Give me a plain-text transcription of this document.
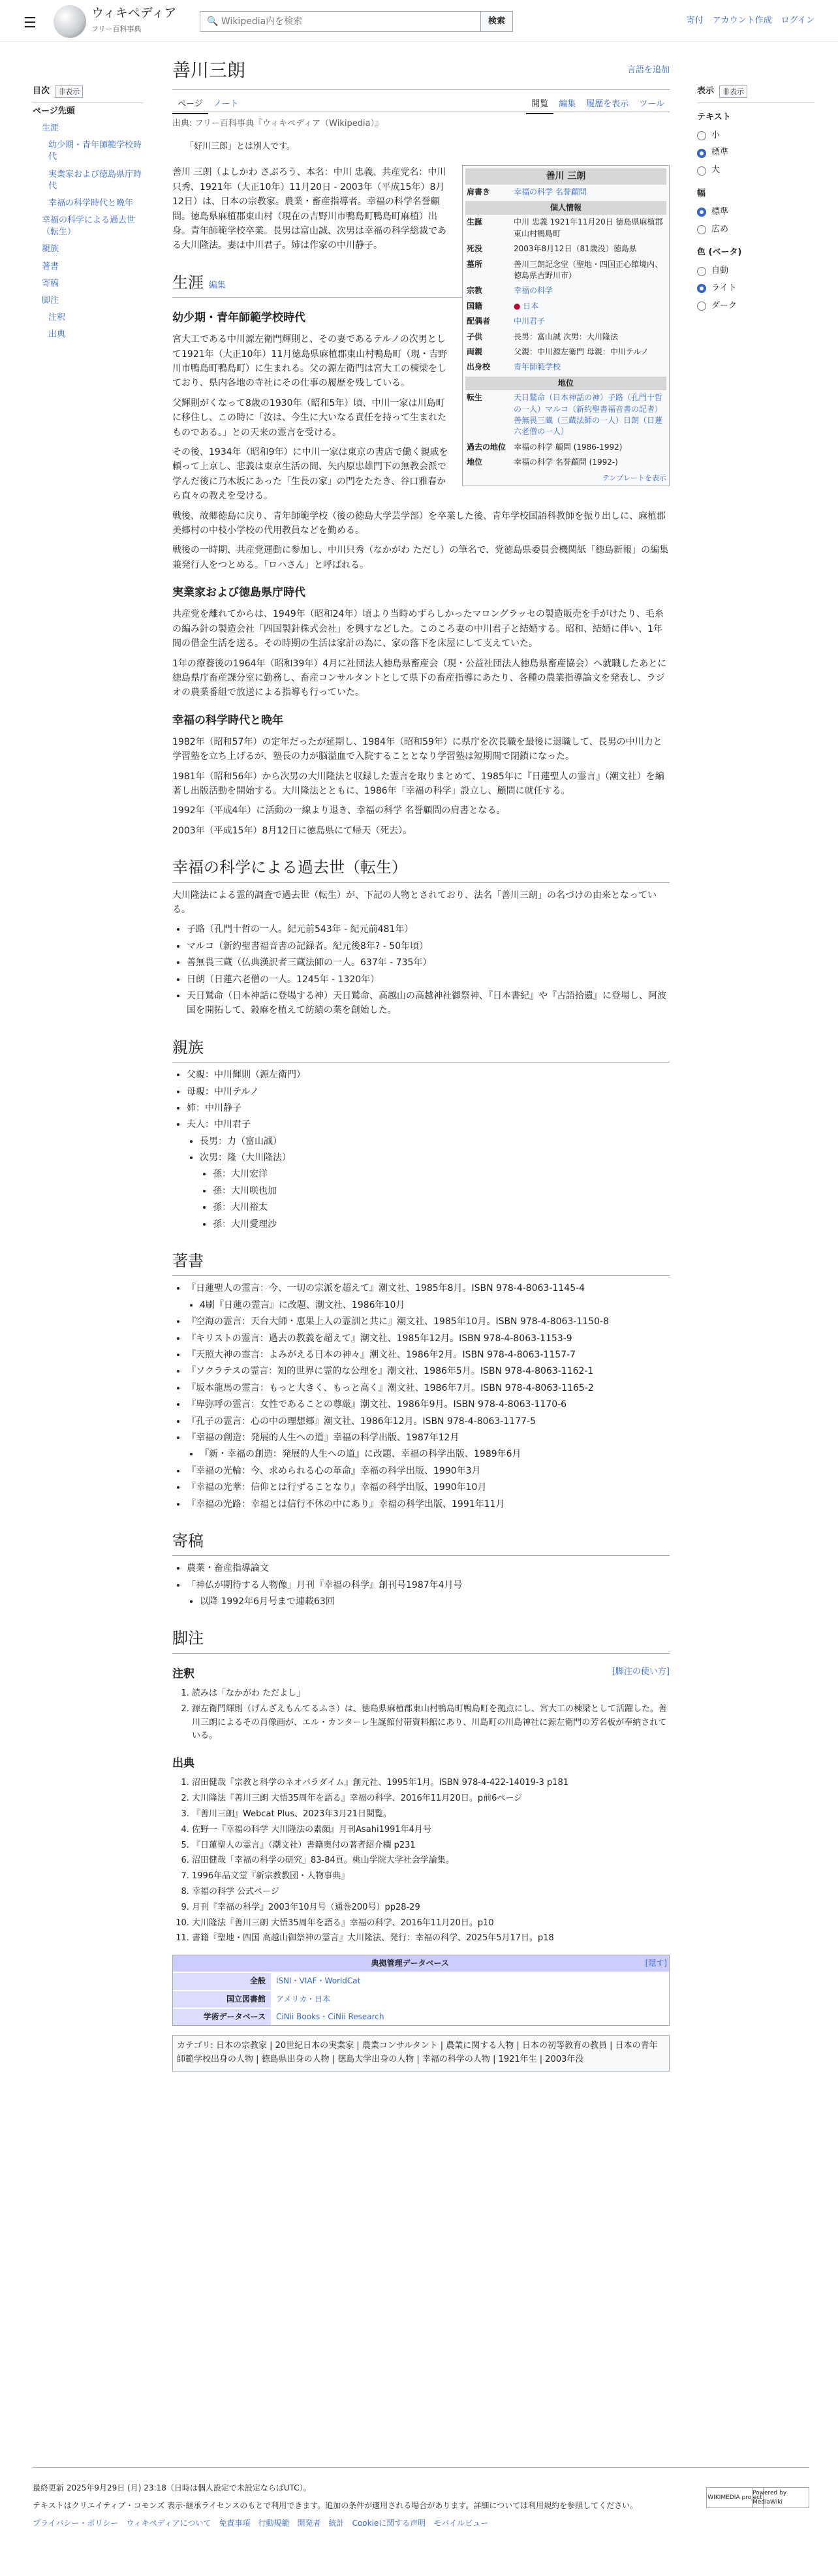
☰
ウィキペディア
フリー百科事典
🔍 Wikipedia内を検索	検索	寄付 アカウント作成 ログイン
目次	非表示
ページ先頭
生涯
幼少期・青年師範学校時代
実業家および徳島県庁時代
幸福の科学時代と晩年
幸福の科学による過去世（転生）
親族
著書
寄稿
脚注
注釈
出典
善川三朗	言語を追加
ページ ノート	閲覧 編集 履歴を表示 ツール
出典: フリー百科事典『ウィキペディア（Wikipedia）』
「好川三郎」とは別人です。
善川 三朗
肩書き	幸福の科学 名誉顧問
個人情報
生誕	中川 忠義 1921年11月20日 徳島県麻植郡東山村鴨島町
死没	2003年8月12日（81歳没）徳島県
墓所	善川三朗記念堂（聖地・四国正心館境内、徳島県吉野川市）
宗教	幸福の科学
国籍	● 日本
配偶者	中川君子
子供	長男：富山誠 次男：大川隆法
両親	父親：中川源左衛門 母親：中川テルノ
出身校	青年師範学校
地位
転生	天日鷲命（日本神話の神）子路（孔門十哲の一人）マルコ（新約聖書福音書の記者）善無畏三蔵（三蔵法師の一人）日朗（日蓮六老僧の一人）
過去の地位 幸福の科学 顧問 (1986-1992)
地位	幸福の科学 名誉顧問 (1992-)
テンプレートを表示

善川 三朗（よしかわ さぶろう、本名：中川 忠義、共産党名：中川只秀、1921年（大正10年）11月20日 - 2003年（平成15年）8月12日）は、日本の宗教家。農業・畜産指導者。幸福の科学名誉顧問。徳島県麻植郡東山村（現在の吉野川市鴨島町鴨島町麻植）出身。青年師範学校卒業。長男は富山誠、次男は幸福の科学総裁である大川隆法。妻は中川君子。姉は作家の中川静子。

生涯 編集
幼少期・青年師範学校時代

宮大工である中川源左衛門輝則と、その妻であるテルノの次男として1921年（大正10年）11月徳島県麻植郡東山村鴨島町（現・吉野川市鴨島町鴨島町）に生まれる。父の源左衛門は宮大工の棟梁をしており、県内各地の寺社にその仕事の履歴を残している。

父輝則がくなって8歳の1930年（昭和5年）頃、中川一家は川島町に移住し、この時に「汝は、今生に大いなる責任を持って生まれたものである。」との天来の霊言を受ける。

その後、1934年（昭和9年）に中川一家は東京の書店で働く親戚を頼って上京し、悲義は東京生活の間、矢内原忠雄門下の無教会派で学んだ後に乃木坂にあった「生長の家」の門をたたき、谷口雅春から直々の教えを受ける。

戦後、故郷徳島に戻り、青年師範学校（後の徳島大学芸学部）を卒業した後、青年学校国語科教師を振り出しに、麻植郡美郷村の中枝小学校の代用教員などを勤める。

戦後の一時期、共産党運動に参加し、中川只秀（なかがわ ただし）の筆名で、党徳島県委員会機関紙「徳島新報」の編集兼発行人をつとめる。「ロハさん」と呼ばれる。

実業家および徳島県庁時代

共産党を離れてからは、1949年（昭和24年）頃より当時めずらしかったマロングラッセの製造販売を手がけたり、毛糸の編み針の製造会社「四国製針株式会社」を興すなどした。このころ妻の中川君子と結婚する。昭和、結婚に伴い、1年間の借金生活を送る。その時期の生活は家計の為に、家の落下を床屋にして支えていた。

1年の療養後の1964年（昭和39年）4月に社団法人徳島県畜産会（現・公益社団法人徳島県畜産協会）へ就職したあとに徳島県庁畜産課分室に勤務し、畜産コンサルタントとして県下の畜産指導にあたり、各種の農業指導論文を発表し、ラジオの農業番組で放送による指導も行っていた。

幸福の科学時代と晩年

1982年（昭和57年）の定年だったが延期し、1984年（昭和59年）に県庁を次長職を最後に退職して、長男の中川力と学習塾を立ち上げるが、塾長の力が脳溢血で入院することとなり学習塾は短期間で閉鎖になった。

1981年（昭和56年）から次男の大川隆法と収録した霊言を取りまとめて、1985年に『日蓮聖人の霊言』（潮文社）を編著し出版活動を開始する。大川隆法とともに、1986年「幸福の科学」設立し、顧問に就任する。

1992年（平成4年）に活動の一線より退き、幸福の科学 名誉顧問の肩書となる。

2003年（平成15年）8月12日に徳島県にて帰天（死去）。

幸福の科学による過去世（転生）

大川隆法による霊的調査で過去世（転生）が、下記の人物とされており、法名「善川三朗」の名づけの由来となっている。

• 子路（孔門十哲の一人。紀元前543年 - 紀元前481年）
• マルコ（新約聖書福音書の記録者。紀元後8年? - 50年頃）
• 善無畏三蔵（仏典漢訳者三蔵法師の一人。637年 - 735年）
• 日朗（日蓮六老僧の一人。1245年 - 1320年）
• 天日鷲命（日本神話に登場する神）天日鷲命、高越山の高越神社御祭神、『日本書紀』や『古語拾遺』に登場し、阿波国を開拓して、穀麻を植えて紡績の業を創始した。
親族
• 父親：中川輝則（源左衛門）
• 母親：中川テルノ
• 姉：中川静子
• 夫人：中川君子
• 長男：力（富山誠）
• 次男：隆（大川隆法）
• 孫：大川宏洋
• 孫：大川咲也加
• 孫：大川裕太
• 孫：大川愛理沙
著書
• 『日蓮聖人の霊言：今、一切の宗派を超えて』潮文社、1985年8月。ISBN 978-4-8063-1145-4
• 4刷『日蓮の霊言』に改題、潮文社、1986年10月
• 『空海の霊言：天台大師・恵果上人の霊訓と共に』潮文社、1985年10月。ISBN 978-4-8063-1150-8
• 『キリストの霊言：過去の教義を超えて』潮文社、1985年12月。ISBN 978-4-8063-1153-9
• 『天照大神の霊言：よみがえる日本の神々』潮文社、1986年2月。ISBN 978-4-8063-1157-7
• 『ソクラテスの霊言：知的世界に霊的な公理を』潮文社、1986年5月。ISBN 978-4-8063-1162-1
• 『坂本龍馬の霊言：もっと大きく、もっと高く』潮文社、1986年7月。ISBN 978-4-8063-1165-2
• 『卑弥呼の霊言：女性であることの尊厳』潮文社、1986年9月。ISBN 978-4-8063-1170-6
• 『孔子の霊言：心の中の理想郷』潮文社、1986年12月。ISBN 978-4-8063-1177-5
• 『幸福の創造：発展的人生への道』幸福の科学出版、1987年12月
• 『新・幸福の創造：発展的人生への道』に改題、幸福の科学出版、1989年6月
• 『幸福の光輪：今、求められる心の革命』幸福の科学出版、1990年3月
• 『幸福の光華：信仰とは行ずることなり』幸福の科学出版、1990年10月
• 『幸福の光路：幸福とは信行不休の中にあり』幸福の科学出版、1991年11月
寄稿
• 農業・畜産指導論文
• 「神仏が期待する人物像」月刊『幸福の科学』創刊号1987年4月号
• 以降 1992年6月号まで連載63回
脚注
注釈	[脚注の使い方]
1. 読みは「なかがわ ただよし」
2. 源左衛門輝則（げんざえもんてるふさ）は、徳島県麻植郡東山村鴨島町鴨島町を拠点にし、宮大工の棟梁として活躍した。善川三朗によるその肖像画が、エル・カンターレ生誕館付帯資料館にあり、川島町の川島神社に源左衛門の芳名板が奉納されている。
出典
1. 沼田健哉『宗教と科学のネオパラダイム』創元社、1995年1月。ISBN 978-4-422-14019-3 p181
2. 大川隆法『善川三朗 大悟35周年を語る』幸福の科学、2016年11月20日。p前6ページ
3. 『善川三朗』Webcat Plus、2023年3月21日閲覧。
4. 佐野一『幸福の科学 大川隆法の素顔』月刊Asahi1991年4月号
5. 『日蓮聖人の霊言』（潮文社）書籍奥付の著者紹介欄 p231
6. 沼田健哉「幸福の科学の研究」83-84頁。桃山学院大学社会学論集。
7. 1996年品文堂『新宗教教団・人物事典』
8. 幸福の科学 公式ページ
9. 月刊『幸福の科学』2003年10月号（通巻200号）pp28-29
10. 大川隆法『善川三朗 大悟35周年を語る』幸福の科学、2016年11月20日。p10
11. 書籍『聖地・四国 高越山御祭神の霊言』大川隆法、発行：幸福の科学、2025年5月17日。p18
典拠管理データベース	[隠す]
全般	ISNI・VIAF・WorldCat
国立図書館	アメリカ・日本
学術データベース	CiNii Books・CiNii Research
カテゴリ: 日本の宗教家 | 20世紀日本の実業家 | 農業コンサルタント | 農業に関する人物 | 日本の初等教育の教員 | 日本の青年師範学校出身の人物 | 徳島県出身の人物 | 徳島大学出身の人物 | 幸福の科学の人物 | 1921年生 | 2003年没
表示	非表示
テキスト
小
標準
大
幅
標準
広め
色 (ベータ)
自動
ライト
ダーク

最終更新 2025年9月29日 (月) 23:18（日時は個人設定で未設定ならばUTC）。

テキストはクリエイティブ・コモンズ 表示-継承ライセンスのもとで利用できます。追加の条件が適用される場合があります。詳細については利用規約を参照してください。

プライバシー・ポリシー ウィキペディアについて 免責事項 行動規範 開発者 統計 Cookieに関する声明 モバイルビュー
WIKIMEDIA project
Powered by MediaWiki
